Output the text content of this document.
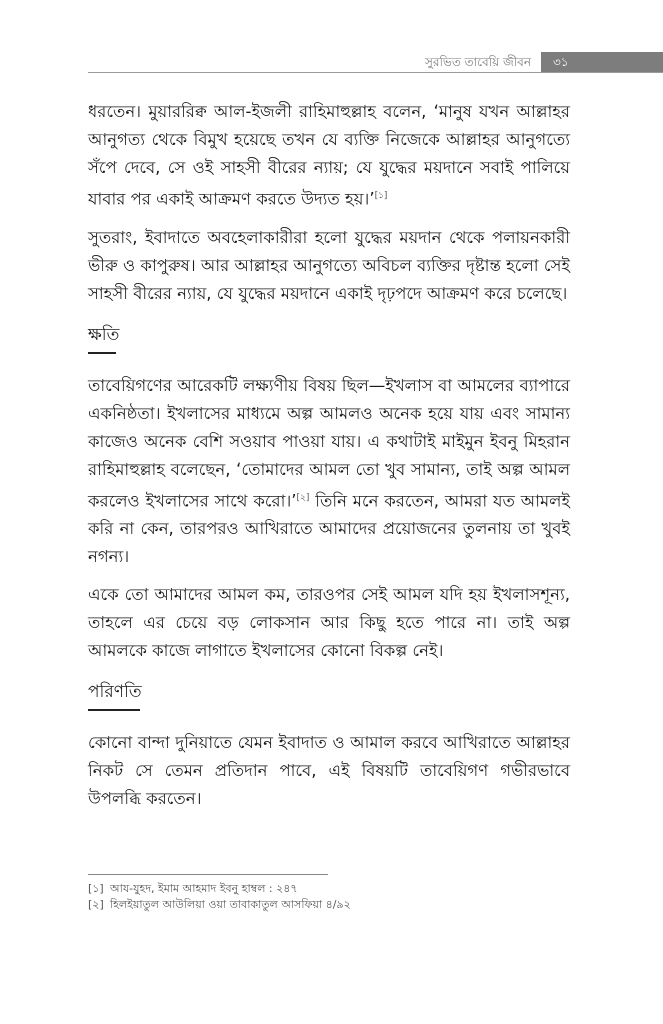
সুরভিত তাবেয়ি জীবন	৩১

ধরতেন। মুয়াররিক্ব আল-ইজলী রাহিমাহুল্লাহ বলেন, ‘মানুষ যখন আল্লাহর আনুগত্য থেকে বিমুখ হয়েছে তখন যে ব্যক্তি নিজেকে আল্লাহর আনুগত্যে সঁপে দেবে, সে ওই সাহসী বীরের ন্যায়; যে যুদ্ধের ময়দানে সবাই পালিয়ে যাবার পর একাই আক্রমণ করতে উদ্যত হয়।’[১]

সুতরাং, ইবাদাতে অবহেলাকারীরা হলো যুদ্ধের ময়দান থেকে পলায়নকারী ভীরু ও কাপুরুষ। আর আল্লাহর আনুগত্যে অবিচল ব্যক্তির দৃষ্টান্ত হলো সেই সাহসী বীরের ন্যায়, যে যুদ্ধের ময়দানে একাই দৃঢ়পদে আক্রমণ করে চলেছে।

ক্ষতি

তাবেয়িগণের আরেকটি লক্ষ্যণীয় বিষয় ছিল—ইখলাস বা আমলের ব্যাপারে একনিষ্ঠতা। ইখলাসের মাধ্যমে অল্প আমলও অনেক হয়ে যায় এবং সামান্য কাজেও অনেক বেশি সওয়াব পাওয়া যায়। এ কথাটাই মাইমুন ইবনু মিহরান রাহিমাহুল্লাহ বলেছেন, ‘তোমাদের আমল তো খুব সামান্য, তাই অল্প আমল করলেও ইখলাসের সাথে করো।’[২] তিনি মনে করতেন, আমরা যত আমলই করি না কেন, তারপরও আখিরাতে আমাদের প্রয়োজনের তুলনায় তা খুবই নগন্য।

একে তো আমাদের আমল কম, তারওপর সেই আমল যদি হয় ইখলাসশূন্য, তাহলে এর চেয়ে বড় লোকসান আর কিছু হতে পারে না। তাই অল্প আমলকে কাজে লাগাতে ইখলাসের কোনো বিকল্প নেই।

পরিণতি

কোনো বান্দা দুনিয়াতে যেমন ইবাদাত ও আমাল করবে আখিরাতে আল্লাহর নিকট সে তেমন প্রতিদান পাবে, এই বিষয়টি তাবেয়িগণ গভীরভাবে উপলব্ধি করতেন।

[১] আয-যুহদ, ইমাম আহমাদ ইবনু হাম্বল : ২৪৭
[২] হিলইয়াতুল আউলিয়া ওয়া তাবাকাতুল আসফিয়া ৪/৯২
